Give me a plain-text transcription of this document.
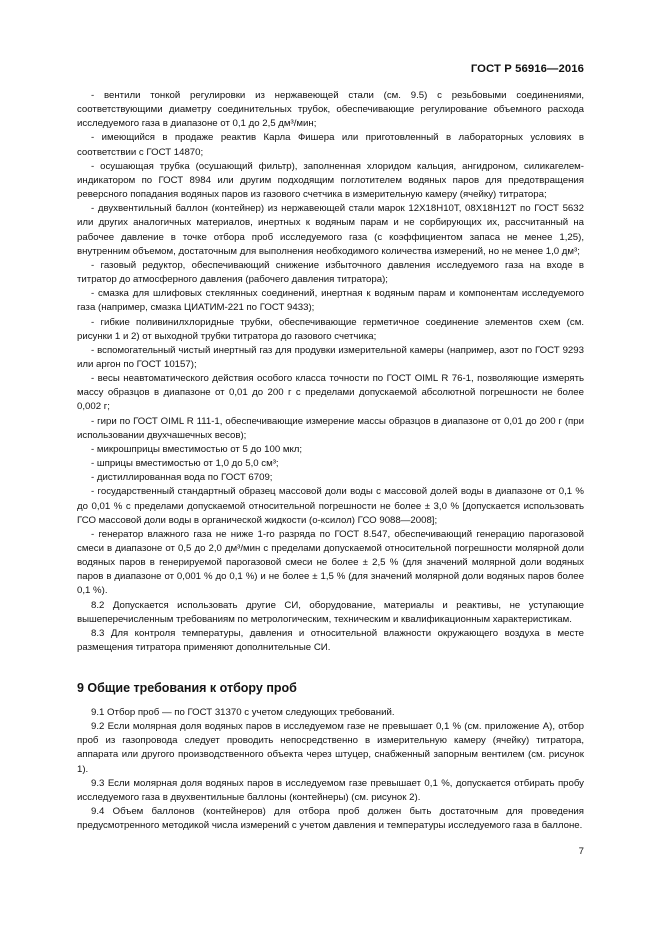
ГОСТ Р 56916—2016

- вентили тонкой регулировки из нержавеющей стали (см. 9.5) с резьбовыми соединениями, соответствующими диаметру соединительных трубок, обеспечивающие регулирование объемного расхода исследуемого газа в диапазоне от 0,1 до 2,5 дм³/мин;

- имеющийся в продаже реактив Карла Фишера или приготовленный в лабораторных условиях в соответствии с ГОСТ 14870;

- осушающая трубка (осушающий фильтр), заполненная хлоридом кальция, ангидроном, силикагелем-индикатором по ГОСТ 8984 или другим подходящим поглотителем водяных паров для предотвращения реверсного попадания водяных паров из газового счетчика в измерительную камеру (ячейку) титратора;

- двухвентильный баллон (контейнер) из нержавеющей стали марок 12Х18Н10Т, 08Х18Н12Т по ГОСТ 5632 или других аналогичных материалов, инертных к водяным парам и не сорбирующих их, рассчитанный на рабочее давление в точке отбора проб исследуемого газа (с коэффициентом запаса не менее 1,25), внутренним объемом, достаточным для выполнения необходимого количества измерений, но не менее 1,0 дм³;

- газовый редуктор, обеспечивающий снижение избыточного давления исследуемого газа на входе в титратор до атмосферного давления (рабочего давления титратора);

- смазка для шлифовых стеклянных соединений, инертная к водяным парам и компонентам исследуемого газа (например, смазка ЦИАТИМ-221 по ГОСТ 9433);

- гибкие поливинилхлоридные трубки, обеспечивающие герметичное соединение элементов схем (см. рисунки 1 и 2) от выходной трубки титратора до газового счетчика;

- вспомогательный чистый инертный газ для продувки измерительной камеры (например, азот по ГОСТ 9293 или аргон по ГОСТ 10157);

- весы неавтоматического действия особого класса точности по ГОСТ OIML R 76-1, позволяющие измерять массу образцов в диапазоне от 0,01 до 200 г с пределами допускаемой абсолютной погрешности не более 0,002 г;

- гири по ГОСТ OIML R 111-1, обеспечивающие измерение массы образцов в диапазоне от 0,01 до 200 г (при использовании двухчашечных весов);

- микрошприцы вместимостью от 5 до 100 мкл;

- шприцы вместимостью от 1,0 до 5,0 см³;

- дистиллированная вода по ГОСТ 6709;

- государственный стандартный образец массовой доли воды с массовой долей воды в диапазоне от 0,1 % до 0,01 % с пределами допускаемой относительной погрешности не более ± 3,0 % [допускается использовать ГСО массовой доли воды в органической жидкости (о-ксилол) ГСО 9088—2008];

- генератор влажного газа не ниже 1-го разряда по ГОСТ 8.547, обеспечивающий генерацию парогазовой смеси в диапазоне от 0,5 до 2,0 дм³/мин с пределами допускаемой относительной погрешности молярной доли водяных паров в генерируемой парогазовой смеси не более ± 2,5 % (для значений молярной доли водяных паров в диапазоне от 0,001 % до 0,1 %) и не более ± 1,5 % (для значений молярной доли водяных паров более 0,1 %).

8.2 Допускается использовать другие СИ, оборудование, материалы и реактивы, не уступающие вышеперечисленным требованиям по метрологическим, техническим и квалификационным характеристикам.

8.3 Для контроля температуры, давления и относительной влажности окружающего воздуха в месте размещения титратора применяют дополнительные СИ.

9 Общие требования к отбору проб

9.1 Отбор проб — по ГОСТ 31370 с учетом следующих требований.

9.2 Если молярная доля водяных паров в исследуемом газе не превышает 0,1 % (см. приложение А), отбор проб из газопровода следует проводить непосредственно в измерительную камеру (ячейку) титратора, аппарата или другого производственного объекта через штуцер, снабженный запорным вентилем (см. рисунок 1).

9.3 Если молярная доля водяных паров в исследуемом газе превышает 0,1 %, допускается отбирать пробу исследуемого газа в двухвентильные баллоны (контейнеры) (см. рисунок 2).

9.4 Объем баллонов (контейнеров) для отбора проб должен быть достаточным для проведения предусмотренного методикой числа измерений с учетом давления и температуры исследуемого газа в баллоне.

7
